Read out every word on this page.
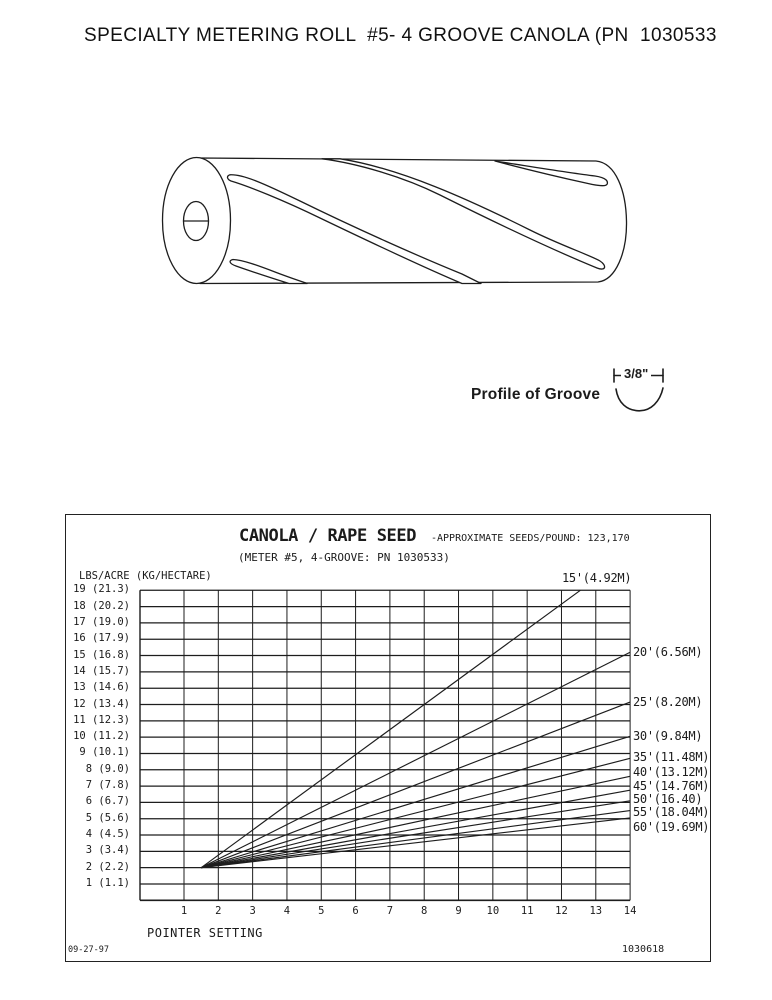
SPECIALTY METERING ROLL  #5- 4 GROOVE CANOLA (PN  1030533
3/8"
Profile of Groove
CANOLA / RAPE SEED -APPROXIMATE SEEDS/POUND: 123,170
(METER #5, 4-GROOVE: PN 1030533)
LBS/ACRE (KG/HECTARE)
POINTER SETTING
09-27-97	1030618
19 (21.3)
18 (20.2)
17 (19.0)
16 (17.9)
15 (16.8)
14 (15.7)
13 (14.6)
12 (13.4)
11 (12.3)
10 (11.2)
9 (10.1)
8 (9.0)
7 (7.8)
6 (6.7)
5 (5.6)
4 (4.5)
3 (3.4)
2 (2.2)
1 (1.1)
1	2	3	4	5	6	7	8	9	10	11	12	13	14
15'(4.92M)
20'(6.56M)
25'(8.20M)
30'(9.84M)
35'(11.48M)
40'(13.12M)
45'(14.76M)
50'(16.40)
55'(18.04M)
60'(19.69M)
